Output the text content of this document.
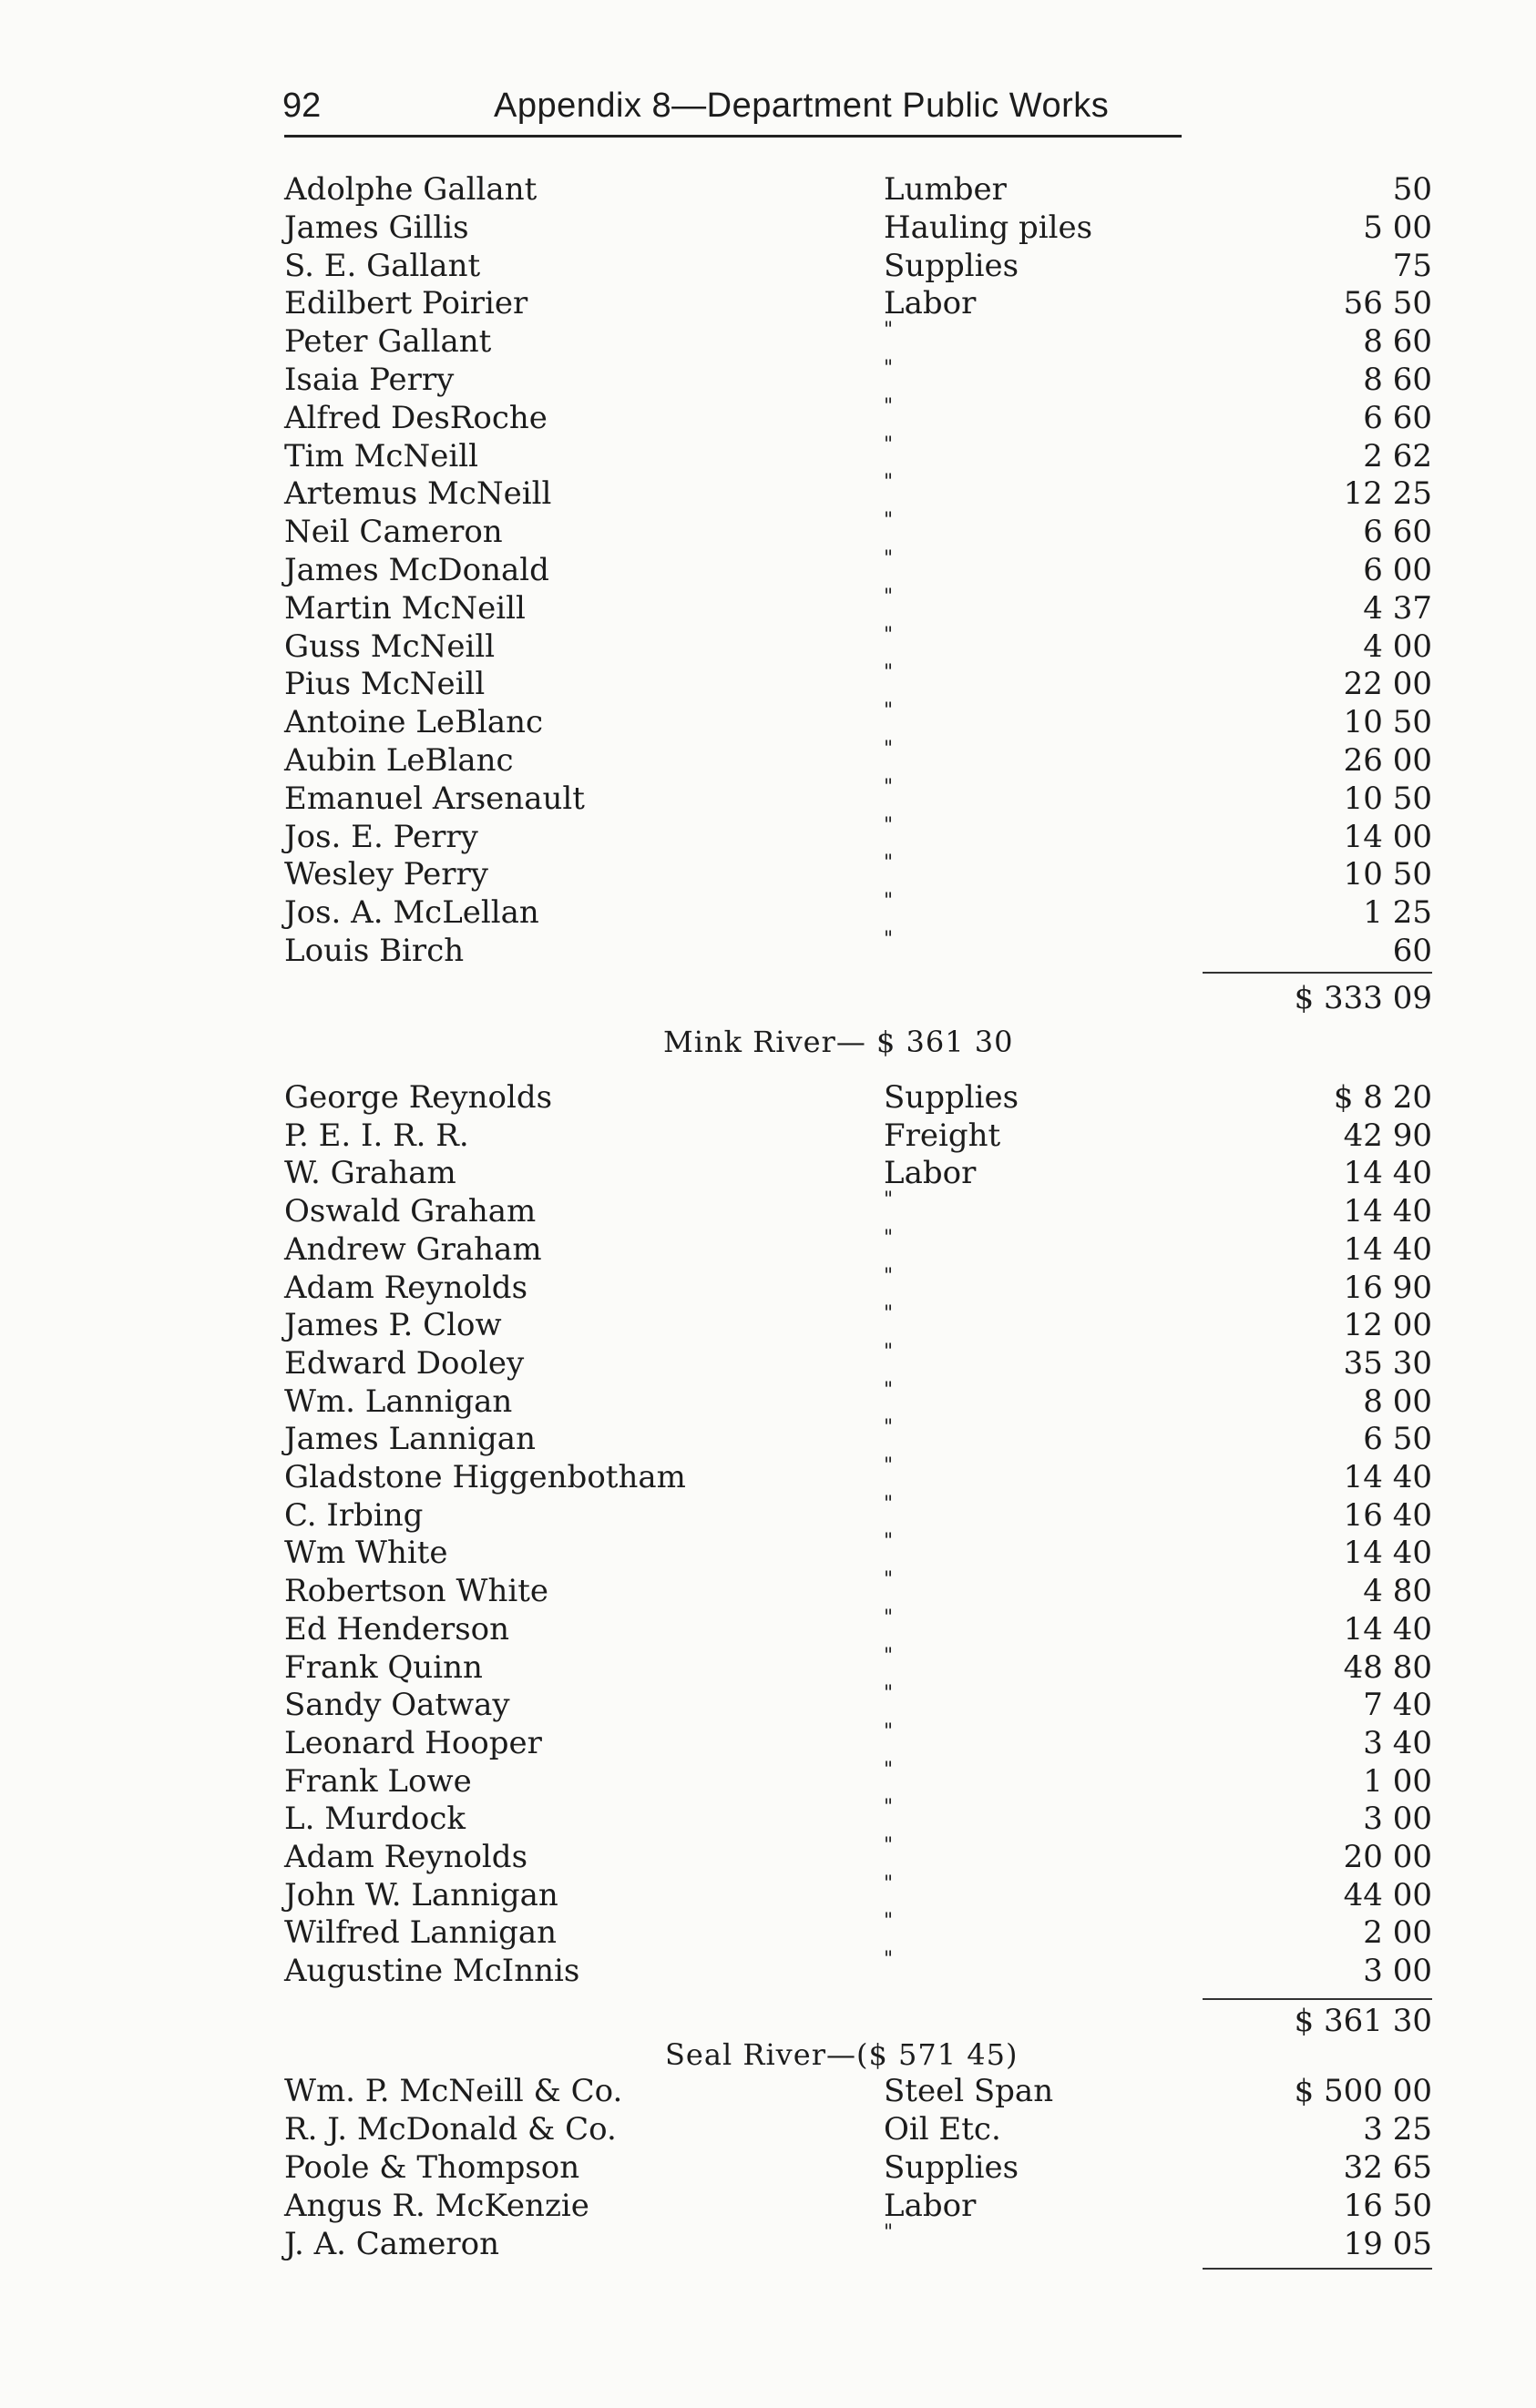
92	Appendix 8—Department Public Works
Adolphe Gallant	Lumber	50
James Gillis	Hauling piles	5 00
S. E. Gallant	Supplies	75
Edilbert Poirier	Labor	56 50
Peter Gallant	"	8 60
Isaia Perry	"	8 60
Alfred DesRoche	"	6 60
Tim McNeill	"	2 62
Artemus McNeill	"	12 25
Neil Cameron	"	6 60
James McDonald	"	6 00
Martin McNeill	"	4 37
Guss McNeill	"	4 00
Pius McNeill	"	22 00
Antoine LeBlanc	"	10 50
Aubin LeBlanc	"	26 00
Emanuel Arsenault	"	10 50
Jos. E. Perry	"	14 00
Wesley Perry	"	10 50
Jos. A. McLellan	"	1 25
Louis Birch	"	60
$ 333 09
Mink River— $ 361 30
George Reynolds	Supplies	$ 8 20
P. E. I. R. R.	Freight	42 90
W. Graham	Labor	14 40
Oswald Graham	"	14 40
Andrew Graham	"	14 40
Adam Reynolds	"	16 90
James P. Clow	"	12 00
Edward Dooley	"	35 30
Wm. Lannigan	"	8 00
James Lannigan	"	6 50
Gladstone Higgenbotham	"	14 40
C. Irbing	"	16 40
Wm White	"	14 40
Robertson White	"	4 80
Ed Henderson	"	14 40
Frank Quinn	"	48 80
Sandy Oatway	"	7 40
Leonard Hooper	"	3 40
Frank Lowe	"	1 00
L. Murdock	"	3 00
Adam Reynolds	"	20 00
John W. Lannigan	"	44 00
Wilfred Lannigan	"	2 00
Augustine McInnis	"	3 00
$ 361 30
Seal River—($ 571 45)
Wm. P. McNeill & Co.	Steel Span	$ 500 00
R. J. McDonald & Co.	Oil Etc.	3 25
Poole & Thompson	Supplies	32 65
Angus R. McKenzie	Labor	16 50
J. A. Cameron	"	19 05
